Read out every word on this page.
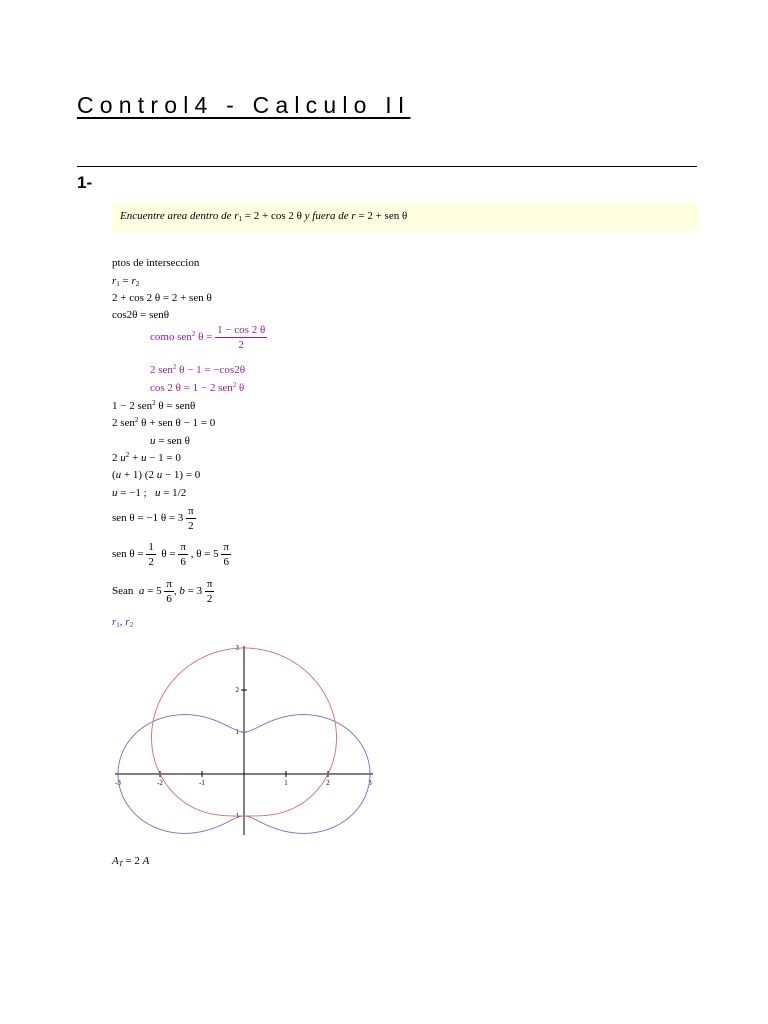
Control4 - Calculo II
1-
Encuentre area dentro de $r_1 = 2 + \cos 2$ θ y fuera de r = 2 + sen θ
ptos de interseccion
$r_1 = r_2$
2 + cos 2 θ = 2 + sen θ
cos2θ = senθ
como sen$^2$ $\theta = \frac{1 - \cos 2 \theta}{2}$
2 sen$^2$ θ − 1 = −cos2θ
cos 2 θ = 1 − 2 sen$^2$ θ
1 − 2 sen$^2$ θ = senθ
2 sen$^2$ θ + sen θ − 1 = 0
u = sen θ
2 $u^2 + u - 1 = 0$
(u + 1) (2 u − 1) = 0
u = −1 ; u = 1/2
sen θ = −1 $\theta = 3 \frac{\pi}{2}$
sen $\theta = \frac{1}{2}$ $\theta = \frac{\pi}{6}$ , $\theta = 5 \frac{\pi}{6}$
Sean $a = 5 \frac{\pi}{6}$ , $b = 3 \frac{\pi}{2}$
$r_1$, $r_2$
-3	-2	-1	1	2	3
-1
1
2
3
$A_T = 2$ A
